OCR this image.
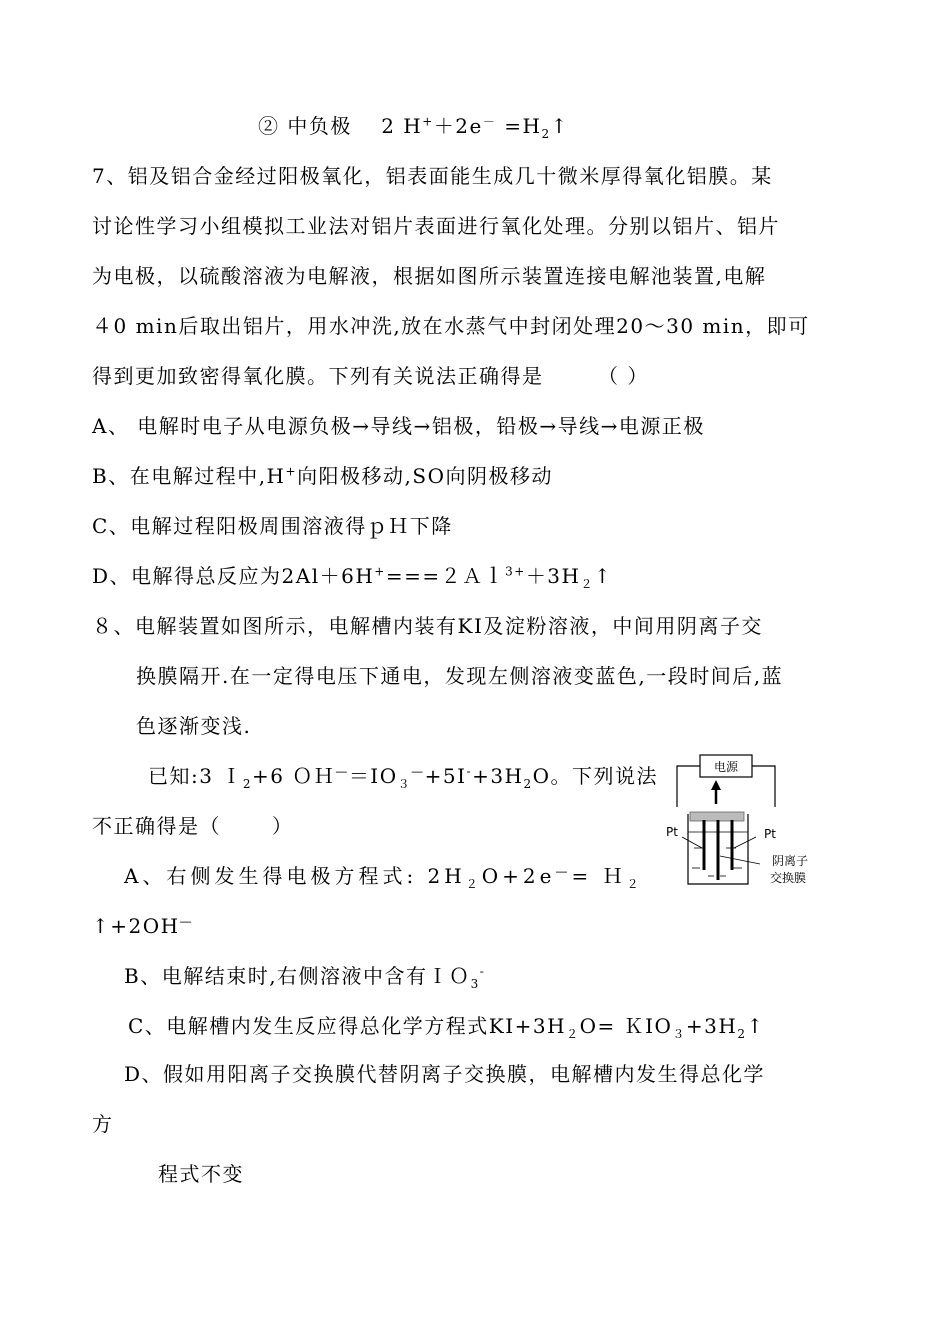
② 中负极　 2 $H^++2e^- =H_2↑$
7、铝及铝合金经过阳极氧化，铝表面能生成几十微米厚得氧化铝膜。某
讨论性学习小组模拟工业法对铝片表面进行氧化处理。分别以铝片、铝片
为电极，以硫酸溶液为电解液，根据如图所示装置连接电解池装置,电解
４0 min后取出铝片，用水冲洗,放在水蒸气中封闭处理20～30 min，即可
得到更加致密得氧化膜。下列有关说法正确得是　　　（ ）
A、 电解时电子从电源负极→导线→铝极，铅极→导线→电源正极
B、在电解过程中,H+向阳极移动,SO向阴极移动
C、电解过程阳极周围溶液得ｐＨ下降
D、电解得总反应为$2Al+6H^+===2Al^{3+}+3H_2↑$
８、电解装置如图所示，电解槽内装有KI及淀粉溶液，中间用阴离子交
换膜隔开.在一定得电压下通电，发现左侧溶液变蓝色,一段时间后,蓝
色逐渐变浅.
已知:3 Ｉ$_2$+6 $OH^—=IO_3^—+5I^-+3H_2O$。下列说法
不正确得是（　　 ）
A、右侧发生得电极方程式: $2H_2O+2e^—=$ Ｈ$_2$
↑+2OH—
B、电解结束时,右侧溶液中含有ＩＯ$_3$-
C、电解槽内发生反应得总化学方程式$KI+3H_2O=$ $KIO_3+3H_2↑$
D、假如用阳离子交换膜代替阴离子交换膜，电解槽内发生得总化学
方
程式不变
电源
Pt	Pt
阴离子
交换膜
